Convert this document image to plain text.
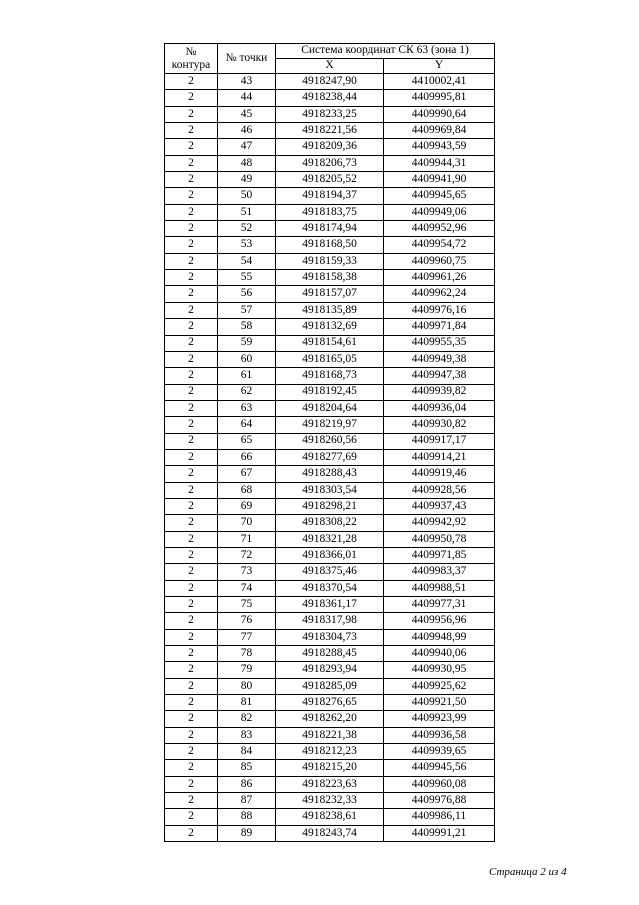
№
контура	№ точки	Система координат СК 63 (зона 1)	
		X	Y
2	43	4918247,90	4410002,41
2	44	4918238,44	4409995,81
2	45	4918233,25	4409990,64
2	46	4918221,56	4409969,84
2	47	4918209,36	4409943,59
2	48	4918206,73	4409944,31
2	49	4918205,52	4409941,90
2	50	4918194,37	4409945,65
2	51	4918183,75	4409949,06
2	52	4918174,94	4409952,96
2	53	4918168,50	4409954,72
2	54	4918159,33	4409960,75
2	55	4918158,38	4409961,26
2	56	4918157,07	4409962,24
2	57	4918135,89	4409976,16
2	58	4918132,69	4409971,84
2	59	4918154,61	4409955,35
2	60	4918165,05	4409949,38
2	61	4918168,73	4409947,38
2	62	4918192,45	4409939,82
2	63	4918204,64	4409936,04
2	64	4918219,97	4409930,82
2	65	4918260,56	4409917,17
2	66	4918277,69	4409914,21
2	67	4918288,43	4409919,46
2	68	4918303,54	4409928,56
2	69	4918298,21	4409937,43
2	70	4918308,22	4409942,92
2	71	4918321,28	4409950,78
2	72	4918366,01	4409971,85
2	73	4918375,46	4409983,37
2	74	4918370,54	4409988,51
2	75	4918361,17	4409977,31
2	76	4918317,98	4409956,96
2	77	4918304,73	4409948,99
2	78	4918288,45	4409940,06
2	79	4918293,94	4409930,95
2	80	4918285,09	4409925,62
2	81	4918276,65	4409921,50
2	82	4918262,20	4409923,99
2	83	4918221,38	4409936,58
2	84	4918212,23	4409939,65
2	85	4918215,20	4409945,56
2	86	4918223,63	4409960,08
2	87	4918232,33	4409976,88
2	88	4918238,61	4409986,11
2	89	4918243,74	4409991,21
Страница 2 из 4
